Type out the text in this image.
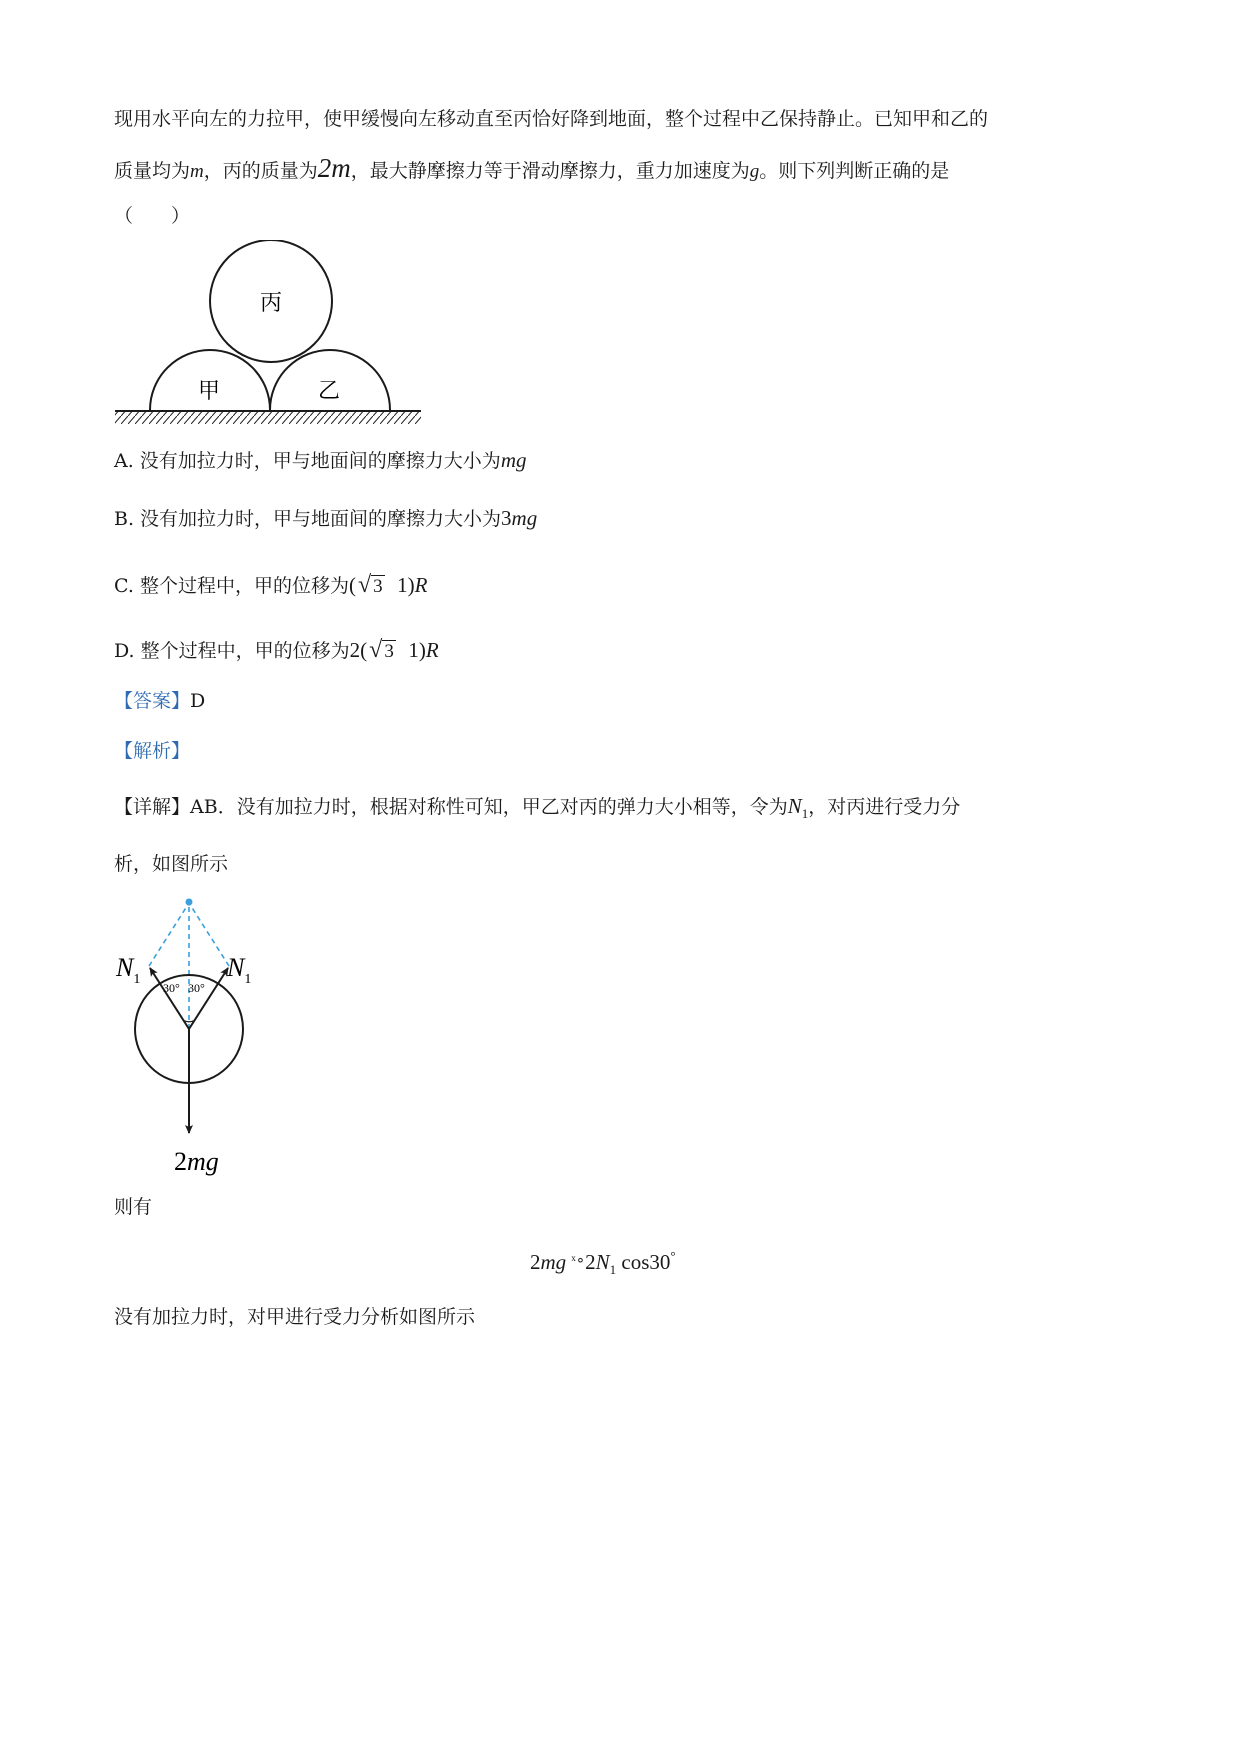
现用水平向左的力拉甲，使甲缓慢向左移动直至丙恰好降到地面，整个过程中乙保持静止。已知甲和乙的
质量均为m，丙的质量为2m，最大静摩擦力等于滑动摩擦力，重力加速度为g。则下列判断正确的是
（　　）
丙
甲	乙
A. 没有加拉力时，甲与地面间的摩擦力大小为mg
B. 没有加拉力时，甲与地面间的摩擦力大小为3mg
C. 整个过程中，甲的位移为(√ 3  1)R
D. 整个过程中，甲的位移为2(√ 3  1)R
【答案】D
【解析】
【详解】AB．没有加拉力时，根据对称性可知，甲乙对丙的弹力大小相等，令为$N_1$，对丙进行受力分
析，如图所示
$N_1$	$N_1$
30° 30°
2mg
则有
2mg $ˣ\circ 2N_1$ cos30°
没有加拉力时，对甲进行受力分析如图所示
